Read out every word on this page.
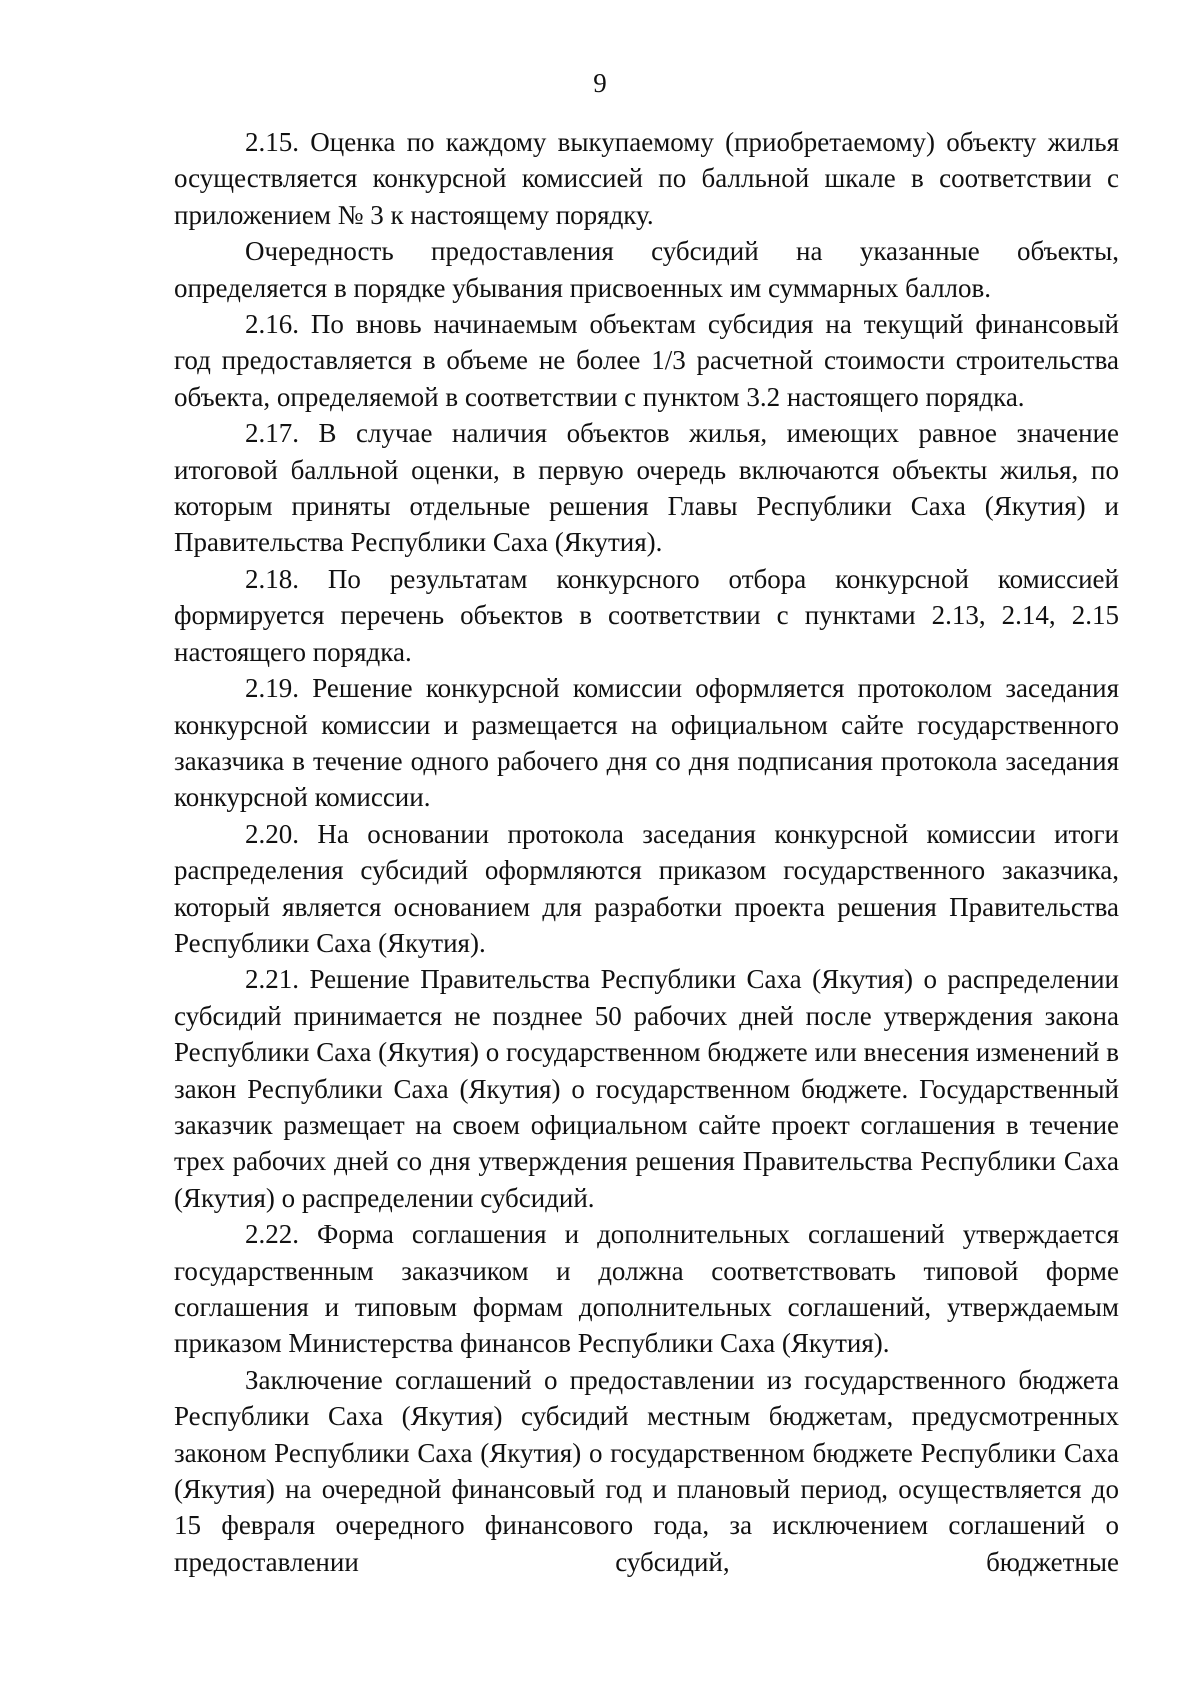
9

2.15. Оценка по каждому выкупаемому (приобретаемому) объекту жилья осуществляется конкурсной комиссией по балльной шкале в соответствии с приложением № 3 к настоящему порядку.

Очередность предоставления субсидий на указанные объекты, определяется в порядке убывания присвоенных им суммарных баллов.

2.16. По вновь начинаемым объектам субсидия на текущий финансовый год предоставляется в объеме не более 1/3 расчетной стоимости строительства объекта, определяемой в соответствии с пунктом 3.2 настоящего порядка.

2.17. В случае наличия объектов жилья, имеющих равное значение итоговой балльной оценки, в первую очередь включаются объекты жилья, по которым приняты отдельные решения Главы Республики Саха (Якутия) и Правительства Республики Саха (Якутия).

2.18. По результатам конкурсного отбора конкурсной комиссией формируется перечень объектов в соответствии с пунктами 2.13, 2.14, 2.15 настоящего порядка.

2.19. Решение конкурсной комиссии оформляется протоколом заседания конкурсной комиссии и размещается на официальном сайте государственного заказчика в течение одного рабочего дня со дня подписания протокола заседания конкурсной комиссии.

2.20. На основании протокола заседания конкурсной комиссии итоги распределения субсидий оформляются приказом государственного заказчика, который является основанием для разработки проекта решения Правительства Республики Саха (Якутия).

2.21. Решение Правительства Республики Саха (Якутия) о распределении субсидий принимается не позднее 50 рабочих дней после утверждения закона Республики Саха (Якутия) о государственном бюджете или внесения изменений в закон Республики Саха (Якутия) о государственном бюджете. Государственный заказчик размещает на своем официальном сайте проект соглашения в течение трех рабочих дней со дня утверждения решения Правительства Республики Саха (Якутия) о распределении субсидий.

2.22. Форма соглашения и дополнительных соглашений утверждается государственным заказчиком и должна соответствовать типовой форме соглашения и типовым формам дополнительных соглашений, утверждаемым приказом Министерства финансов Республики Саха (Якутия).

Заключение соглашений о предоставлении из государственного бюджета Республики Саха (Якутия) субсидий местным бюджетам, предусмотренных законом Республики Саха (Якутия) о государственном бюджете Республики Саха (Якутия) на очередной финансовый год и плановый период, осуществляется до 15 февраля очередного финансового года, за исключением соглашений о предоставлении субсидий, бюджетные
